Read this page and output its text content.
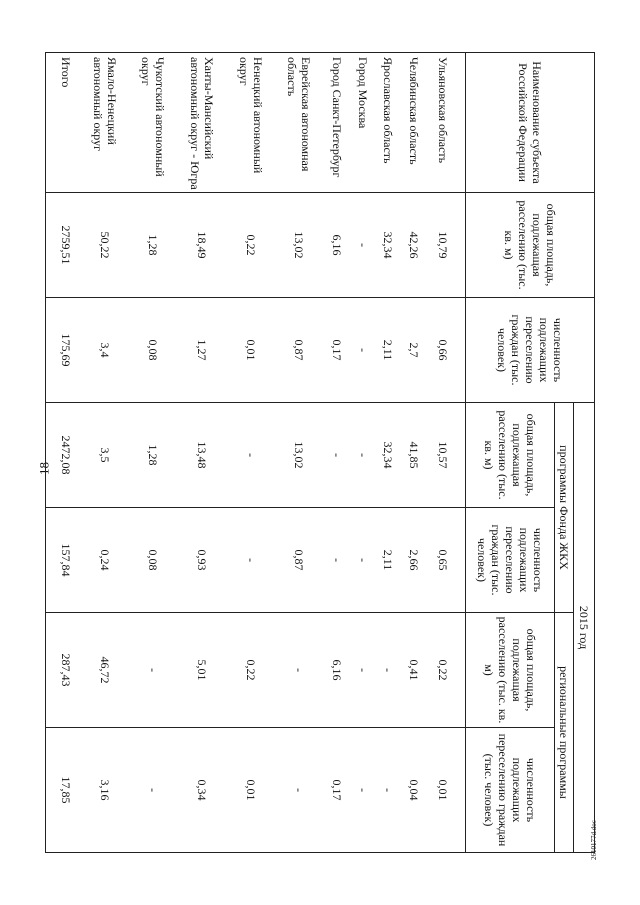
18
2610177d.doc
Наименование субъекта Российской Федерации	общая площадь, подлежащая расселению (тыс. кв. м)	численность подлежащих переселению граждан (тыс. человек)	2015 год			
			программы Фонда ЖКХ		региональные программы	
			общая площадь, подлежащая расселению (тыс. кв. м)	численность подлежащих переселению граждан (тыс. человек)	общая площадь, подлежащая расселению (тыс. кв. м)	численность подлежащих переселению граждан (тыс. человек)
Ульяновская область	10,79	0,66	10,57	0,65	0,22	0,01
Челябинская область	42,26	2,7	41,85	2,66	0,41	0,04
Ярославская область	32,34	2,11	32,34	2,11	-	-
Город Москва	-	-	-	-	-	-
Город Санкт-Петербург	6,16	0,17	-	-	6,16	0,17
Еврейская автономная область	13,02	0,87	13,02	0,87	-	-
Ненецкий автономный округ	0,22	0,01	-	-	0,22	0,01
Ханты-Мансийский автономный округ - Югра	18,49	1,27	13,48	0,93	5,01	0,34
Чукотский автономный округ	1,28	0,08	1,28	0,08	-	-
Ямало-Ненецкий автономный округ	50,22	3,4	3,5	0,24	46,72	3,16
Итого	2759,51	175,69	2472,08	157,84	287,43	17,85
